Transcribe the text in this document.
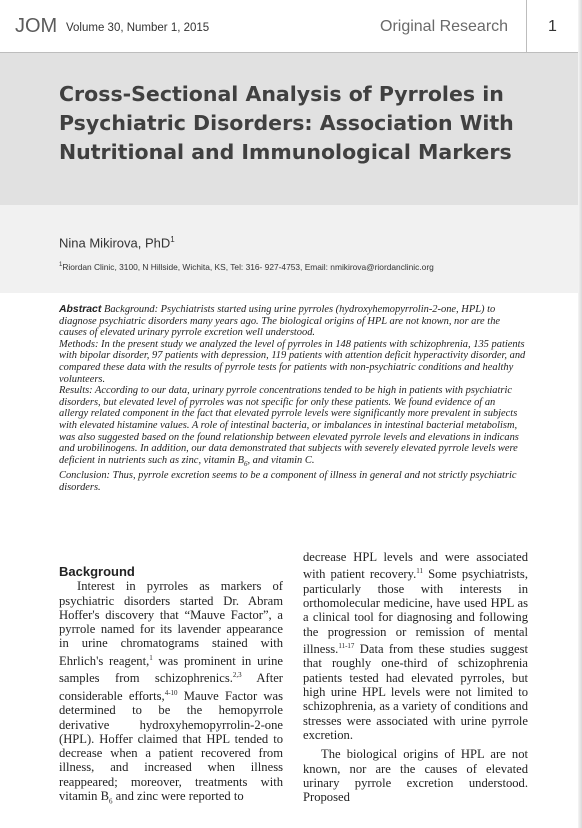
JOM Volume 30, Number 1, 2015	Original Research 1
Cross-Sectional Analysis of Pyrroles in Psychiatric Disorders: Association With Nutritional and Immunological Markers
Nina Mikirova, PhD$^1$
$^1$Riordan Clinic, 3100, N Hillside, Wichita, KS, Tel: 316- 927-4753, Email: nmikirova@riordanclinic.org

Abstract Background: Psychiatrists started using urine pyrroles (hydroxyhemopyrrolin-2-one, HPL) to diagnose psychiatric disorders many years ago. The biological origins of HPL are not known, nor are the causes of elevated urinary pyrrole excretion well understood.

Methods: In the present study we analyzed the level of pyrroles in 148 patients with schizophrenia, 135 patients with bipolar disorder, 97 patients with depression, 119 patients with attention deficit hyperactivity disorder, and compared these data with the results of pyrrole tests for patients with non-psychiatric conditions and healthy volunteers.

Results: According to our data, urinary pyrrole concentrations tended to be high in patients with psychiatric disorders, but elevated level of pyrroles was not specific for only these patients. We found evidence of an allergy related component in the fact that elevated pyrrole levels were significantly more prevalent in subjects with elevated histamine values. A role of intestinal bacteria, or imbalances in intestinal bacterial metabolism, was also suggested based on the found relationship between elevated pyrrole levels and elevations in indicans and urobilinogens. In addition, our data demonstrated that subjects with severely elevated pyrrole levels were deficient in nutrients such as zinc, vitamin $B_6$, and vitamin C.

Conclusion: Thus, pyrrole excretion seems to be a component of illness in general and not strictly psychiatric disorders.

Background

Interest in pyrroles as markers of psychiatric disorders started Dr. Abram Hoffer's discovery that “Mauve Factor”, a pyrrole named for its lavender appearance in urine chromatograms stained with Ehrlich's reagent,$^1$ was prominent in urine samples from schizophrenics.$^{2,3}$ After considerable efforts,$^{4-10}$ Mauve Factor was determined to be the hemopyrrole derivative hydroxyhemopyrrolin-2-one (HPL). Hoffer claimed that HPL tended to decrease when a patient recovered from illness, and increased when illness reappeared; moreover, treatments with vitamin $B_6$ and zinc were reported to

decrease HPL levels and were associated with patient recovery.$^{11}$ Some psychiatrists, particularly those with interests in orthomolecular medicine, have used HPL as a clinical tool for diagnosing and following the progression or remission of mental illness.$^{11-17}$ Data from these studies suggest that roughly one-third of schizophrenia patients tested had elevated pyrroles, but high urine HPL levels were not limited to schizophrenia, as a variety of conditions and stresses were associated with urine pyrrole excretion.

The biological origins of HPL are not known, nor are the causes of elevated urinary pyrrole excretion understood. Proposed
